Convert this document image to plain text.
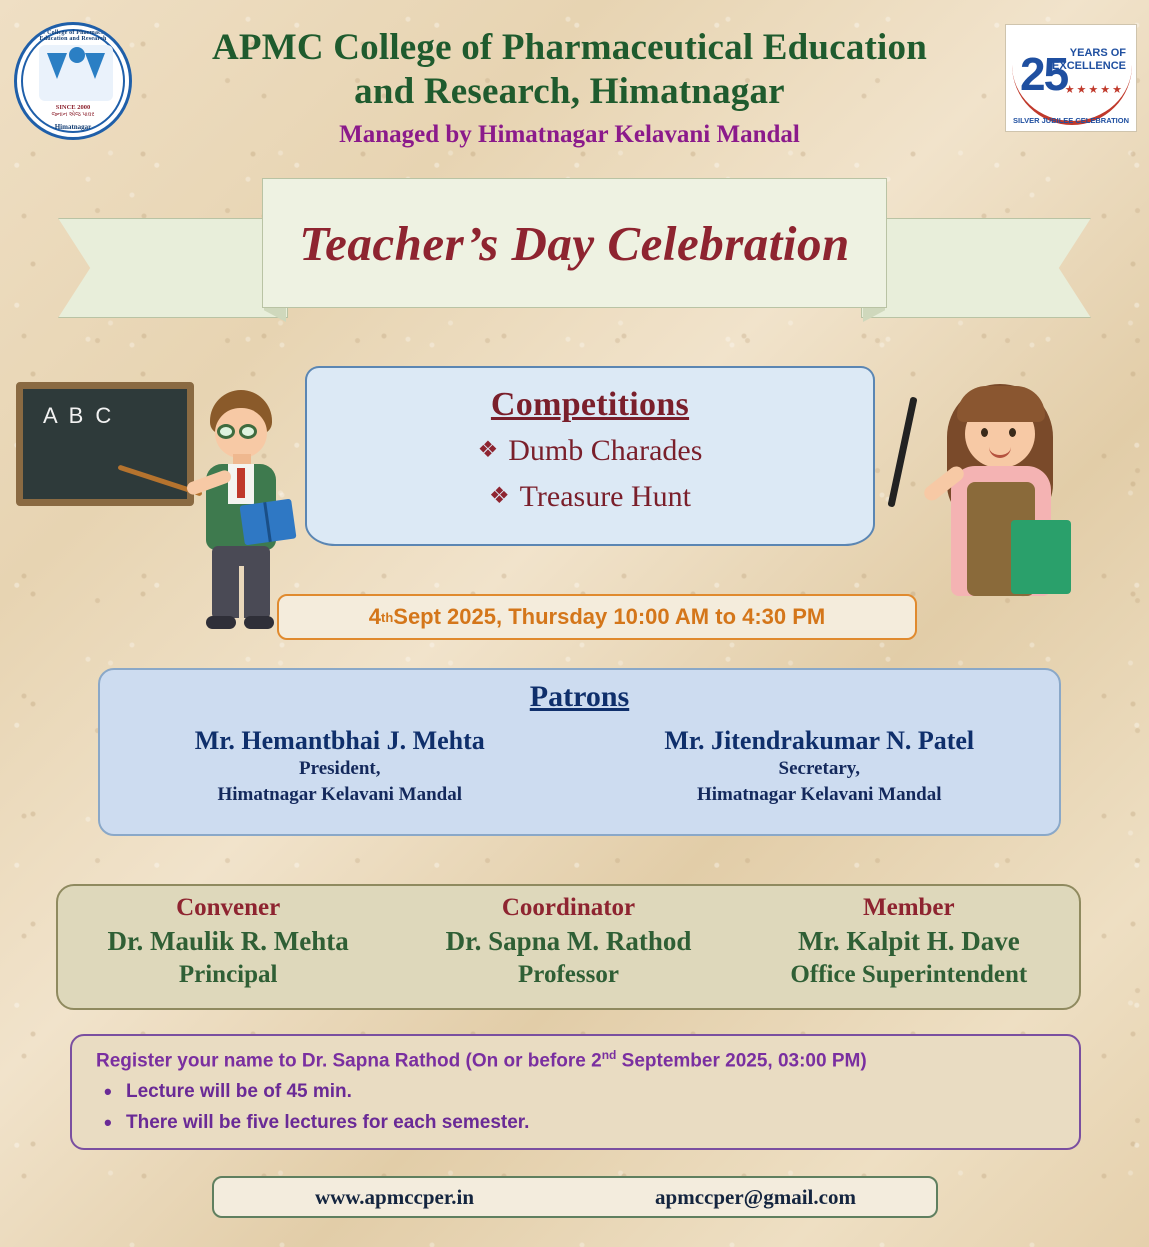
APMC College of Pharmaceutical Education and Research
SINCE 2000
જ્નાન એજ પાવર
Himatnagar
APMC College of Pharmaceutical Education
and Research, Himatnagar
Managed by Himatnagar Kelavani Mandal
25 YEARS OF
EXCELLENCE
★★★★★
SILVER JUBILEE CELEBRATION
Teacher’s Day Celebration
A B C	Competitions
❖ Dumb Charades
❖ Treasure Hunt
4 th Sept 2025, Thursday 10:00 AM to 4:30 PM
Patrons
Mr. Hemantbhai J. Mehta
President,
Himatnagar Kelavani Mandal
Mr. Jitendrakumar N. Patel
Secretary,
Himatnagar Kelavani Mandal
Convener
Dr. Maulik R. Mehta
Principal
Coordinator
Dr. Sapna M. Rathod
Professor
Member
Mr. Kalpit H. Dave
Office Superintendent
Register your name to Dr. Sapna Rathod (On or before 2nd September 2025, 03:00 PM)
• Lecture will be of 45 min.
• There will be five lectures for each semester.
www.apmccper.in	apmccper@gmail.com
